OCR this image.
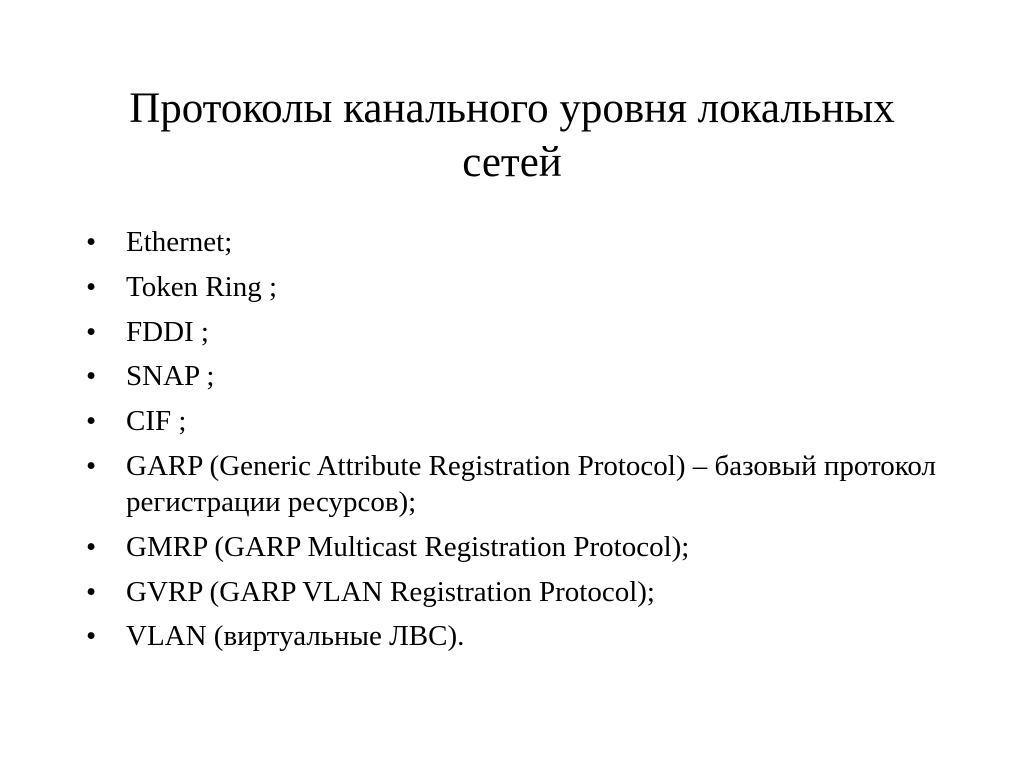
Протоколы канального уровня локальных сетей
•	Ethernet;
•	Token Ring ;
•	FDDI ;
•	SNAP ;
•	CIF ;
•	GARP (Generic Attribute Registration Protocol) – базовый протокол регистрации ресурсов);
•	GMRP (GARP Multicast Registration Protocol);
•	GVRP (GARP VLAN Registration Protocol);
•	VLAN (виртуальные ЛВС).
